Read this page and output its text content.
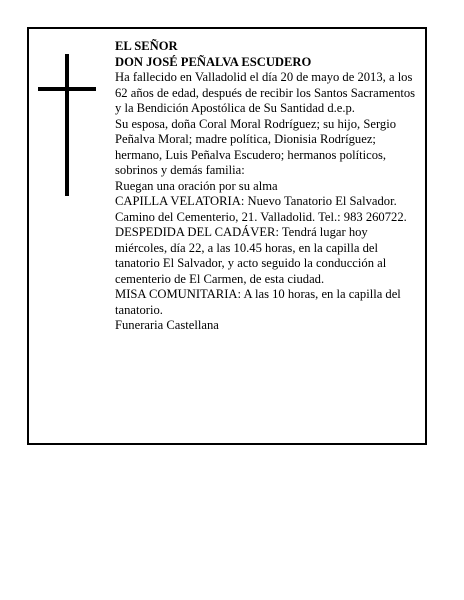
EL SEÑOR

DON JOSÉ PEÑALVA ESCUDERO

Ha fallecido en Valladolid el día 20 de mayo de 2013, a los 62 años de edad, después de recibir los Santos Sacramentos y la Bendición Apostólica de Su Santidad d.e.p.

Su esposa, doña Coral Moral Rodríguez; su hijo, Sergio Peñalva Moral; madre política, Dionisia Rodríguez; hermano, Luis Peñalva Escudero; hermanos políticos, sobrinos y demás familia:

Ruegan una oración por su alma

CAPILLA VELATORIA: Nuevo Tanatorio El Salvador. Camino del Cementerio, 21. Valladolid. Tel.: 983 260722.

DESPEDIDA DEL CADÁVER: Tendrá lugar hoy miércoles, día 22, a las 10.45 horas, en la capilla del tanatorio El Salvador, y acto seguido la conducción al cementerio de El Carmen, de esta ciudad.

MISA COMUNITARIA: A las 10 horas, en la capilla del tanatorio.

Funeraria Castellana
